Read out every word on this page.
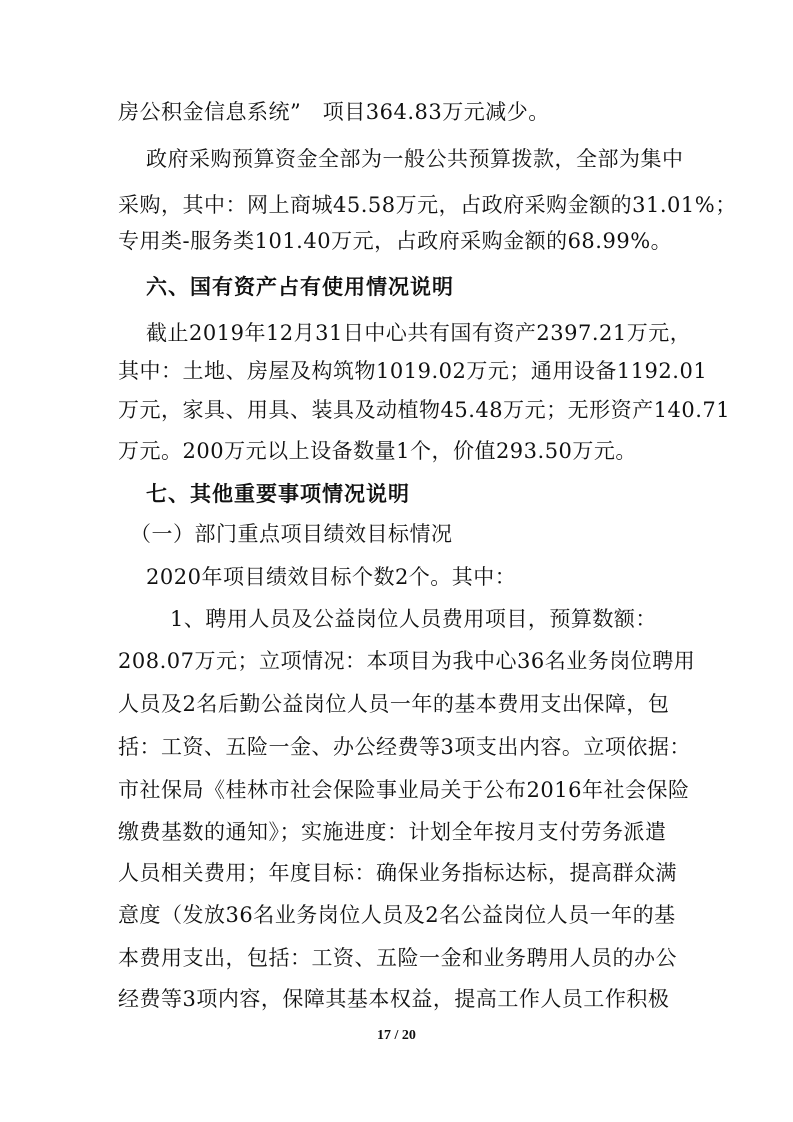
房公积金信息系统”　项目364.83万元减少。
政府采购预算资金全部为一般公共预算拨款，全部为集中
采购，其中：网上商城45.58万元，占政府采购金额的31.01%；
专用类-服务类101.40万元，占政府采购金额的68.99%。
六、国有资产占有使用情况说明
截止2019年12月31日中心共有国有资产2397.21万元，
其中：土地、房屋及构筑物1019.02万元；通用设备1192.01
万元，家具、用具、装具及动植物45.48万元；无形资产140.71
万元。200万元以上设备数量1个，价值293.50万元。
七、其他重要事项情况说明
（一）部门重点项目绩效目标情况
2020年项目绩效目标个数2个。其中：
1、聘用人员及公益岗位人员费用项目，预算数额：
208.07万元；立项情况：本项目为我中心36名业务岗位聘用
人员及2名后勤公益岗位人员一年的基本费用支出保障，包
括：工资、五险一金、办公经费等3项支出内容。立项依据：
市社保局《桂林市社会保险事业局关于公布2016年社会保险
缴费基数的通知》；实施进度：计划全年按月支付劳务派遣
人员相关费用；年度目标：确保业务指标达标，提高群众满
意度（发放36名业务岗位人员及2名公益岗位人员一年的基
本费用支出，包括：工资、五险一金和业务聘用人员的办公
经费等3项内容，保障其基本权益，提高工作人员工作积极
17 / 20
